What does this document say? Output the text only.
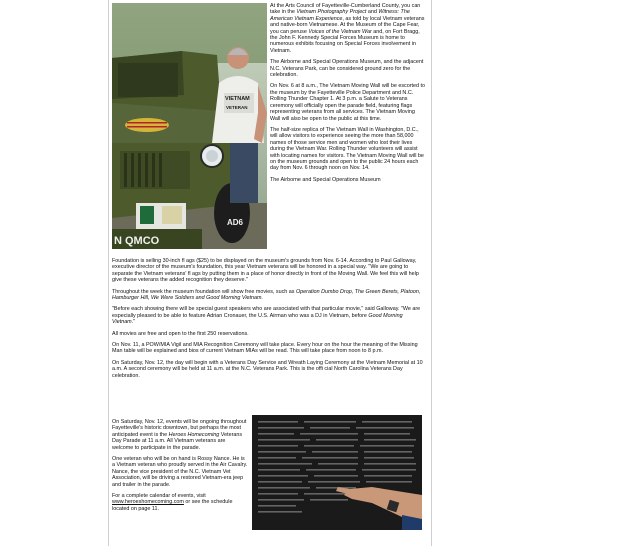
AD6
N QMCO
VIETNAM
VETERAN

At the Arts Council of Fayetteville-Cumberland County, you can take in the Vietnam Photography Project and Witness: The American Vietnam Experience, as told by local Vietnam veterans and native-born Vietnamese. At the Museum of the Cape Fear, you can peruse Voices of the Vietnam War and, on Fort Bragg, the John F. Kennedy Special Forces Museum is home to numerous exhibits focusing on Special Forces involvement in Vietnam.

The Airborne and Special Operations Museum, and the adjacent N.C. Veterans Park, can be considered ground zero for the celebration.

On Nov. 6 at 8 a.m., The Vietnam Moving Wall will be escorted to the museum by the Fayetteville Police Department and N.C. Rolling Thunder Chapter 1. At 3 p.m. a Salute to Veterans ceremony will officially open the parade field, featuring flags representing veterans from all services. The Vietnam Moving Wall will also be open to the public at this time.

The half-size replica of The Vietnam Wall in Washington, D.C., will allow visitors to experience seeing the more than 58,000 names of those service men and women who lost their lives during the Vietnam War. Rolling Thunder volunteers will assist with locating names for visitors. The Vietnam Moving Wall will be on the museum grounds and open to the public 24 hours each day from Nov. 6 through noon on Nov. 14.

The Airborne and Special Operations Museum

Foundation is selling 30-inch fl ags ($25) to be displayed on the museum's grounds from Nov. 6-14. According to Paul Galloway, executive director of the museum's foundation, this year Vietnam veterans will be honored in a special way. "We are going to separate the Vietnam veterans' fl ags by putting them in a place of honor directly in front of the Moving Wall. We feel this will help give these veterans the added recognition they deserve."

Throughout the week the museum foundation will show free movies, such as Operation Dumbo Drop, The Green Berets, Platoon, Hamburger Hill, We Were Soldiers and Good Morning Vietnam.

"Before each showing there will be special guest speakers who are associated with that particular movie," said Galloway. "We are especially pleased to be able to feature Adrian Cronauer, the U.S. Airman who was a DJ in Vietnam, before Good Morning Vietnam."

All movies are free and open to the first 250 reservations.

On Nov. 11, a POW/MIA Vigil and MIA Recognition Ceremony will take place. Every hour on the hour the meaning of the Missing Man table will be explained and bios of current Vietnam MIAs will be read. This will take place from noon to 8 p.m.

On Saturday, Nov. 12, the day will begin with a Veterans Day Service and Wreath Laying Ceremony at the Vietnam Memorial at 10 a.m. A second ceremony will be held at 11 a.m. at the N.C. Veterans Park. This is the offi cial North Carolina Veterans Day celebration.

On Saturday, Nov. 12, events will be ongoing throughout Fayetteville's historic downtown, but perhaps the most anticipated event is the Heroes Homecoming Veterans Day Parade at 11 a.m. All Vietnam veterans are welcome to participate in the parade.

One veteran who will be on hand is Rossy Nance. He is a Vietnam veteran who proudly served in the Air Cavalry. Nance, the vice president of the N.C. Vietnam Vet Association, will be driving a restored Vietnam-era jeep and trailer in the parade.

For a complete calendar of events, visit www.heroeshomecoming.com or see the schedule located on page 11.
